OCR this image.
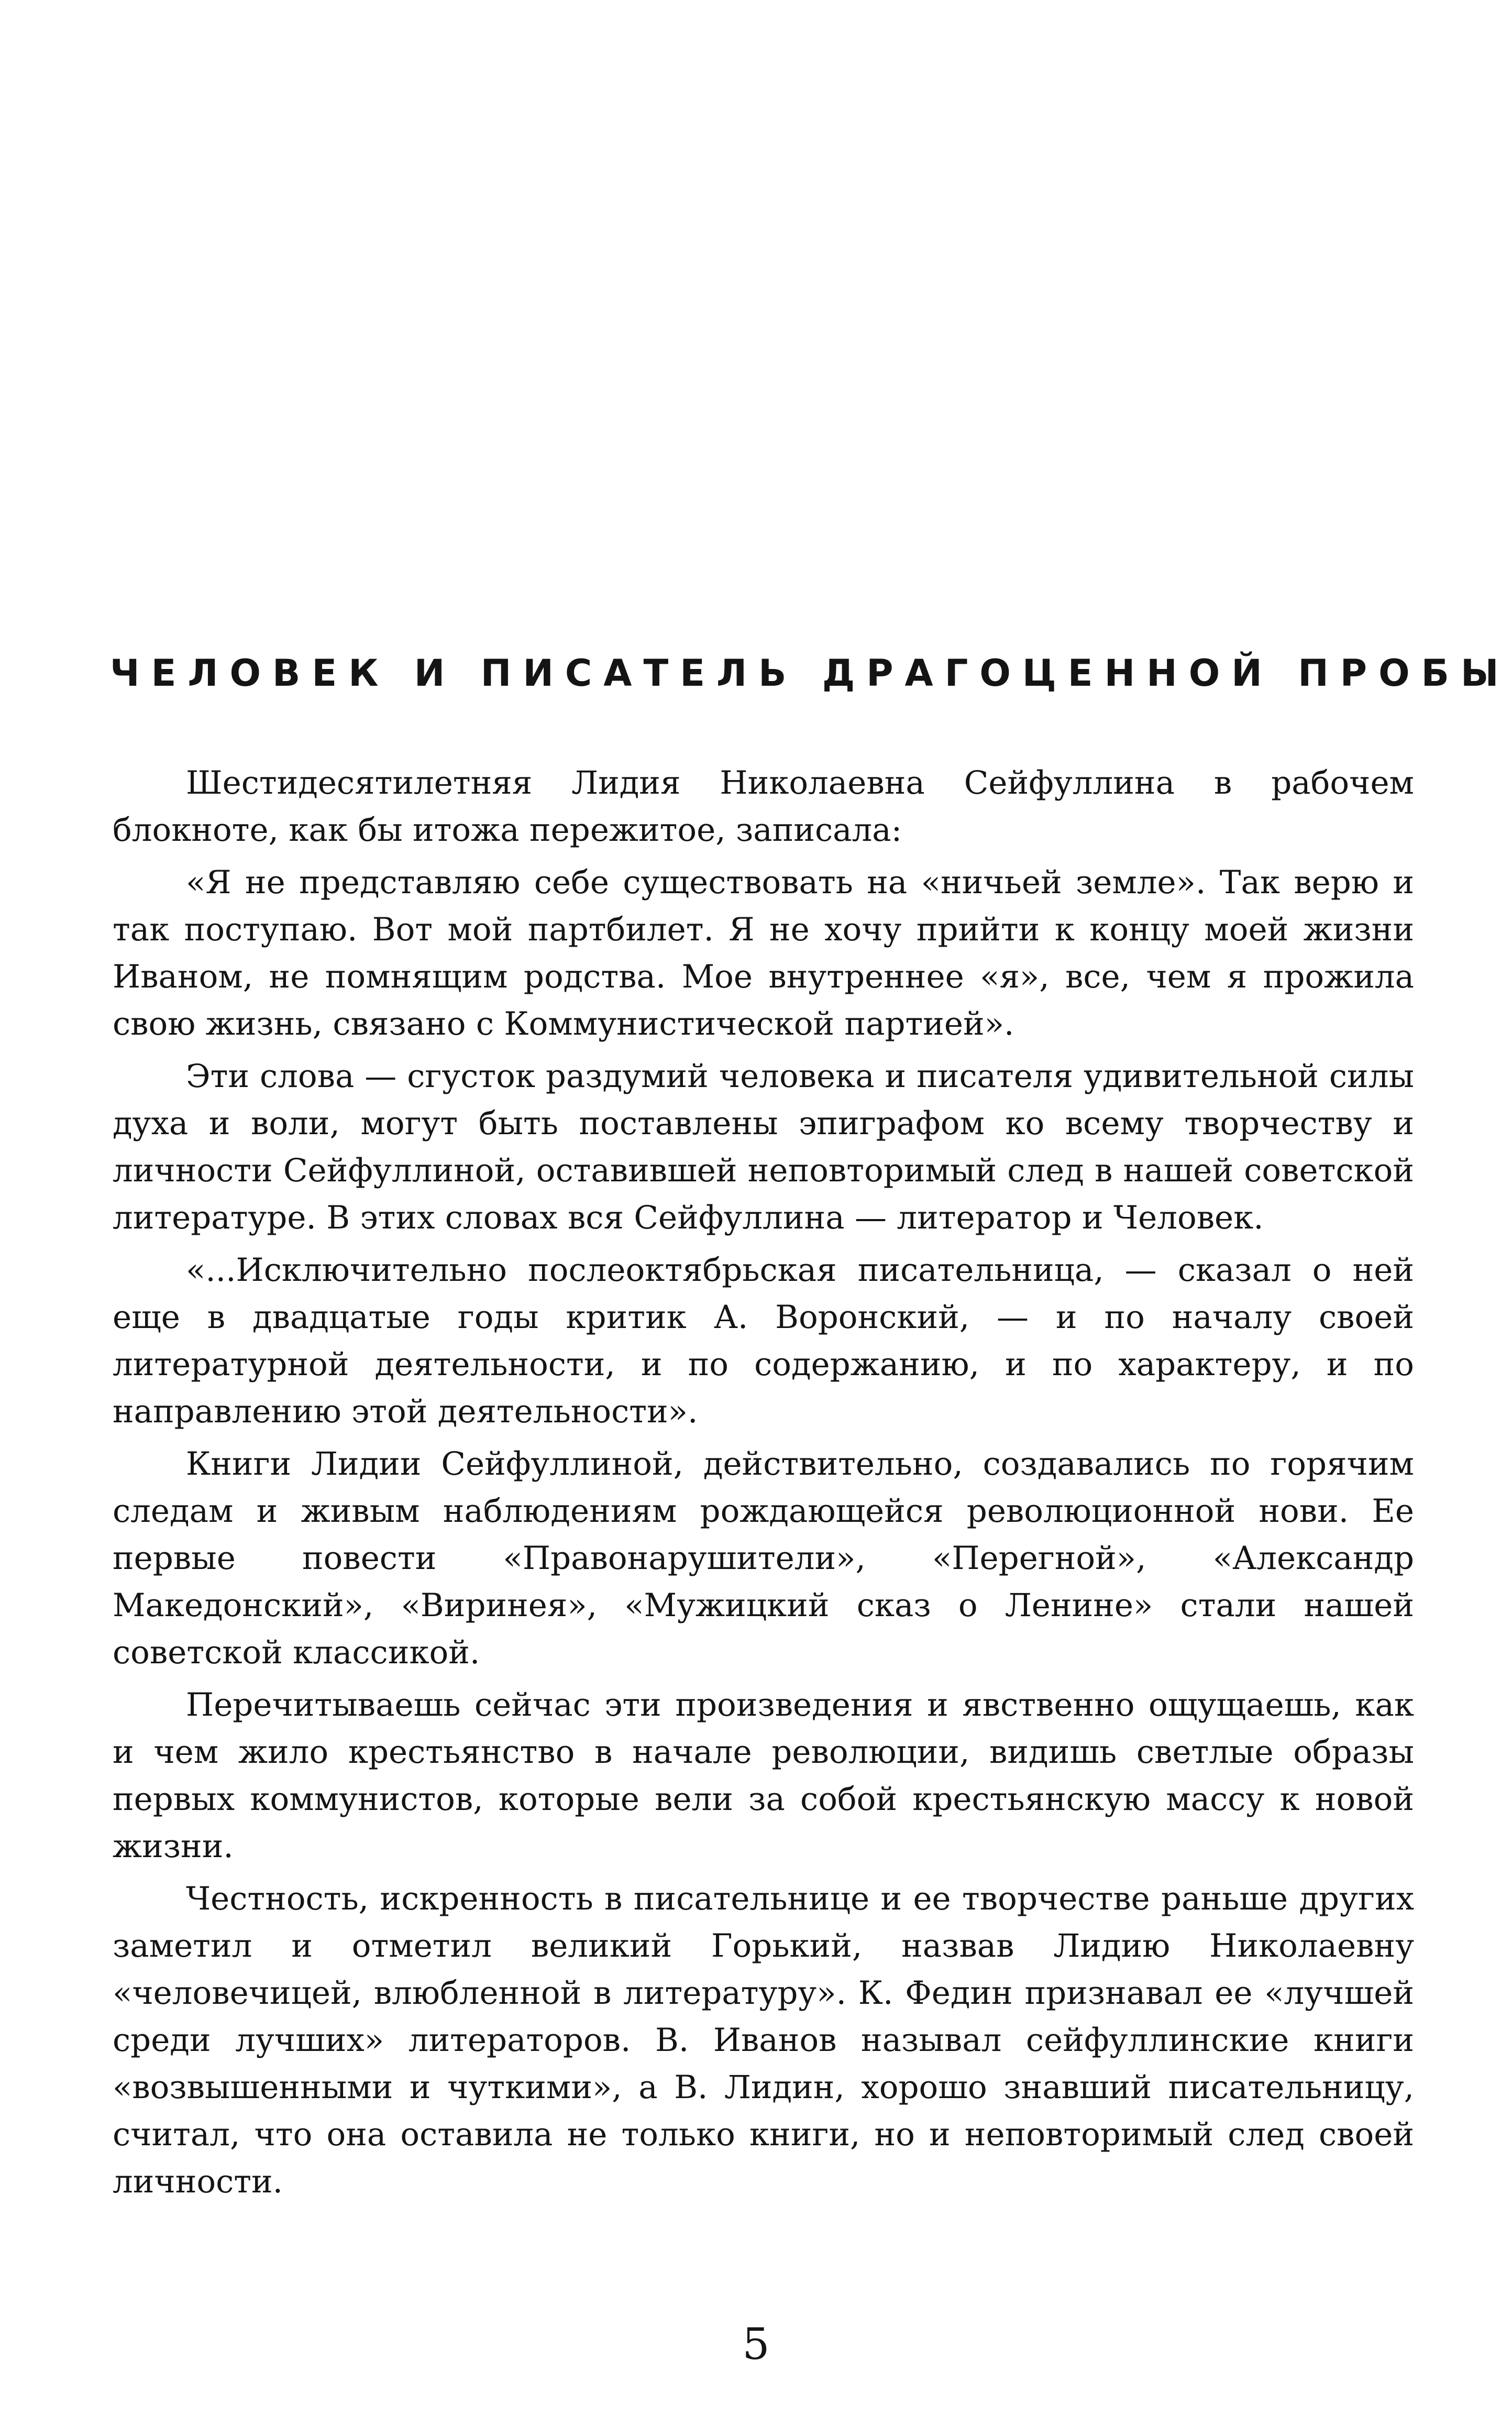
ЧЕЛОВЕК И ПИСАТЕЛЬ ДРАГОЦЕННОЙ ПРОБЫ

Шестидесятилетняя Лидия Николаевна Сейфуллина в рабочем блокноте, как бы итожа пережитое, записала:

«Я не представляю себе существовать на «ничьей земле». Так верю и так поступаю. Вот мой партбилет. Я не хочу прийти к концу моей жизни Иваном, не помнящим родства. Мое внутреннее «я», все, чем я прожила свою жизнь, связано с Коммунистической партией».

Эти слова — сгусток раздумий человека и писателя удивительной силы духа и воли, могут быть поставлены эпиграфом ко всему творчеству и личности Сейфуллиной, оставившей неповторимый след в нашей советской литературе. В этих словах вся Сейфуллина — литератор и Человек.

«...Исключительно послеоктябрьская писательница, — сказал о ней еще в двадцатые годы критик А. Воронский, — и по началу своей литературной деятельности, и по содержанию, и по характеру, и по направлению этой деятельности».

Книги Лидии Сейфуллиной, действительно, создавались по горячим следам и живым наблюдениям рождающейся революционной нови. Ее первые повести «Правонарушители», «Перегной», «Александр Македонский», «Виринея», «Мужицкий сказ о Ленине» стали нашей советской классикой.

Перечитываешь сейчас эти произведения и явственно ощущаешь, как и чем жило крестьянство в начале революции, видишь светлые образы первых коммунистов, которые вели за собой крестьянскую массу к новой жизни.

Честность, искренность в писательнице и ее творчестве раньше других заметил и отметил великий Горький, назвав Лидию Николаевну «человечицей, влюбленной в литературу». К. Федин признавал ее «лучшей среди лучших» литераторов. В. Иванов называл сейфуллинские книги «возвышенными и чуткими», а В. Лидин, хорошо знавший писательницу, считал, что она оставила не только книги, но и неповторимый след своей личности.

5
